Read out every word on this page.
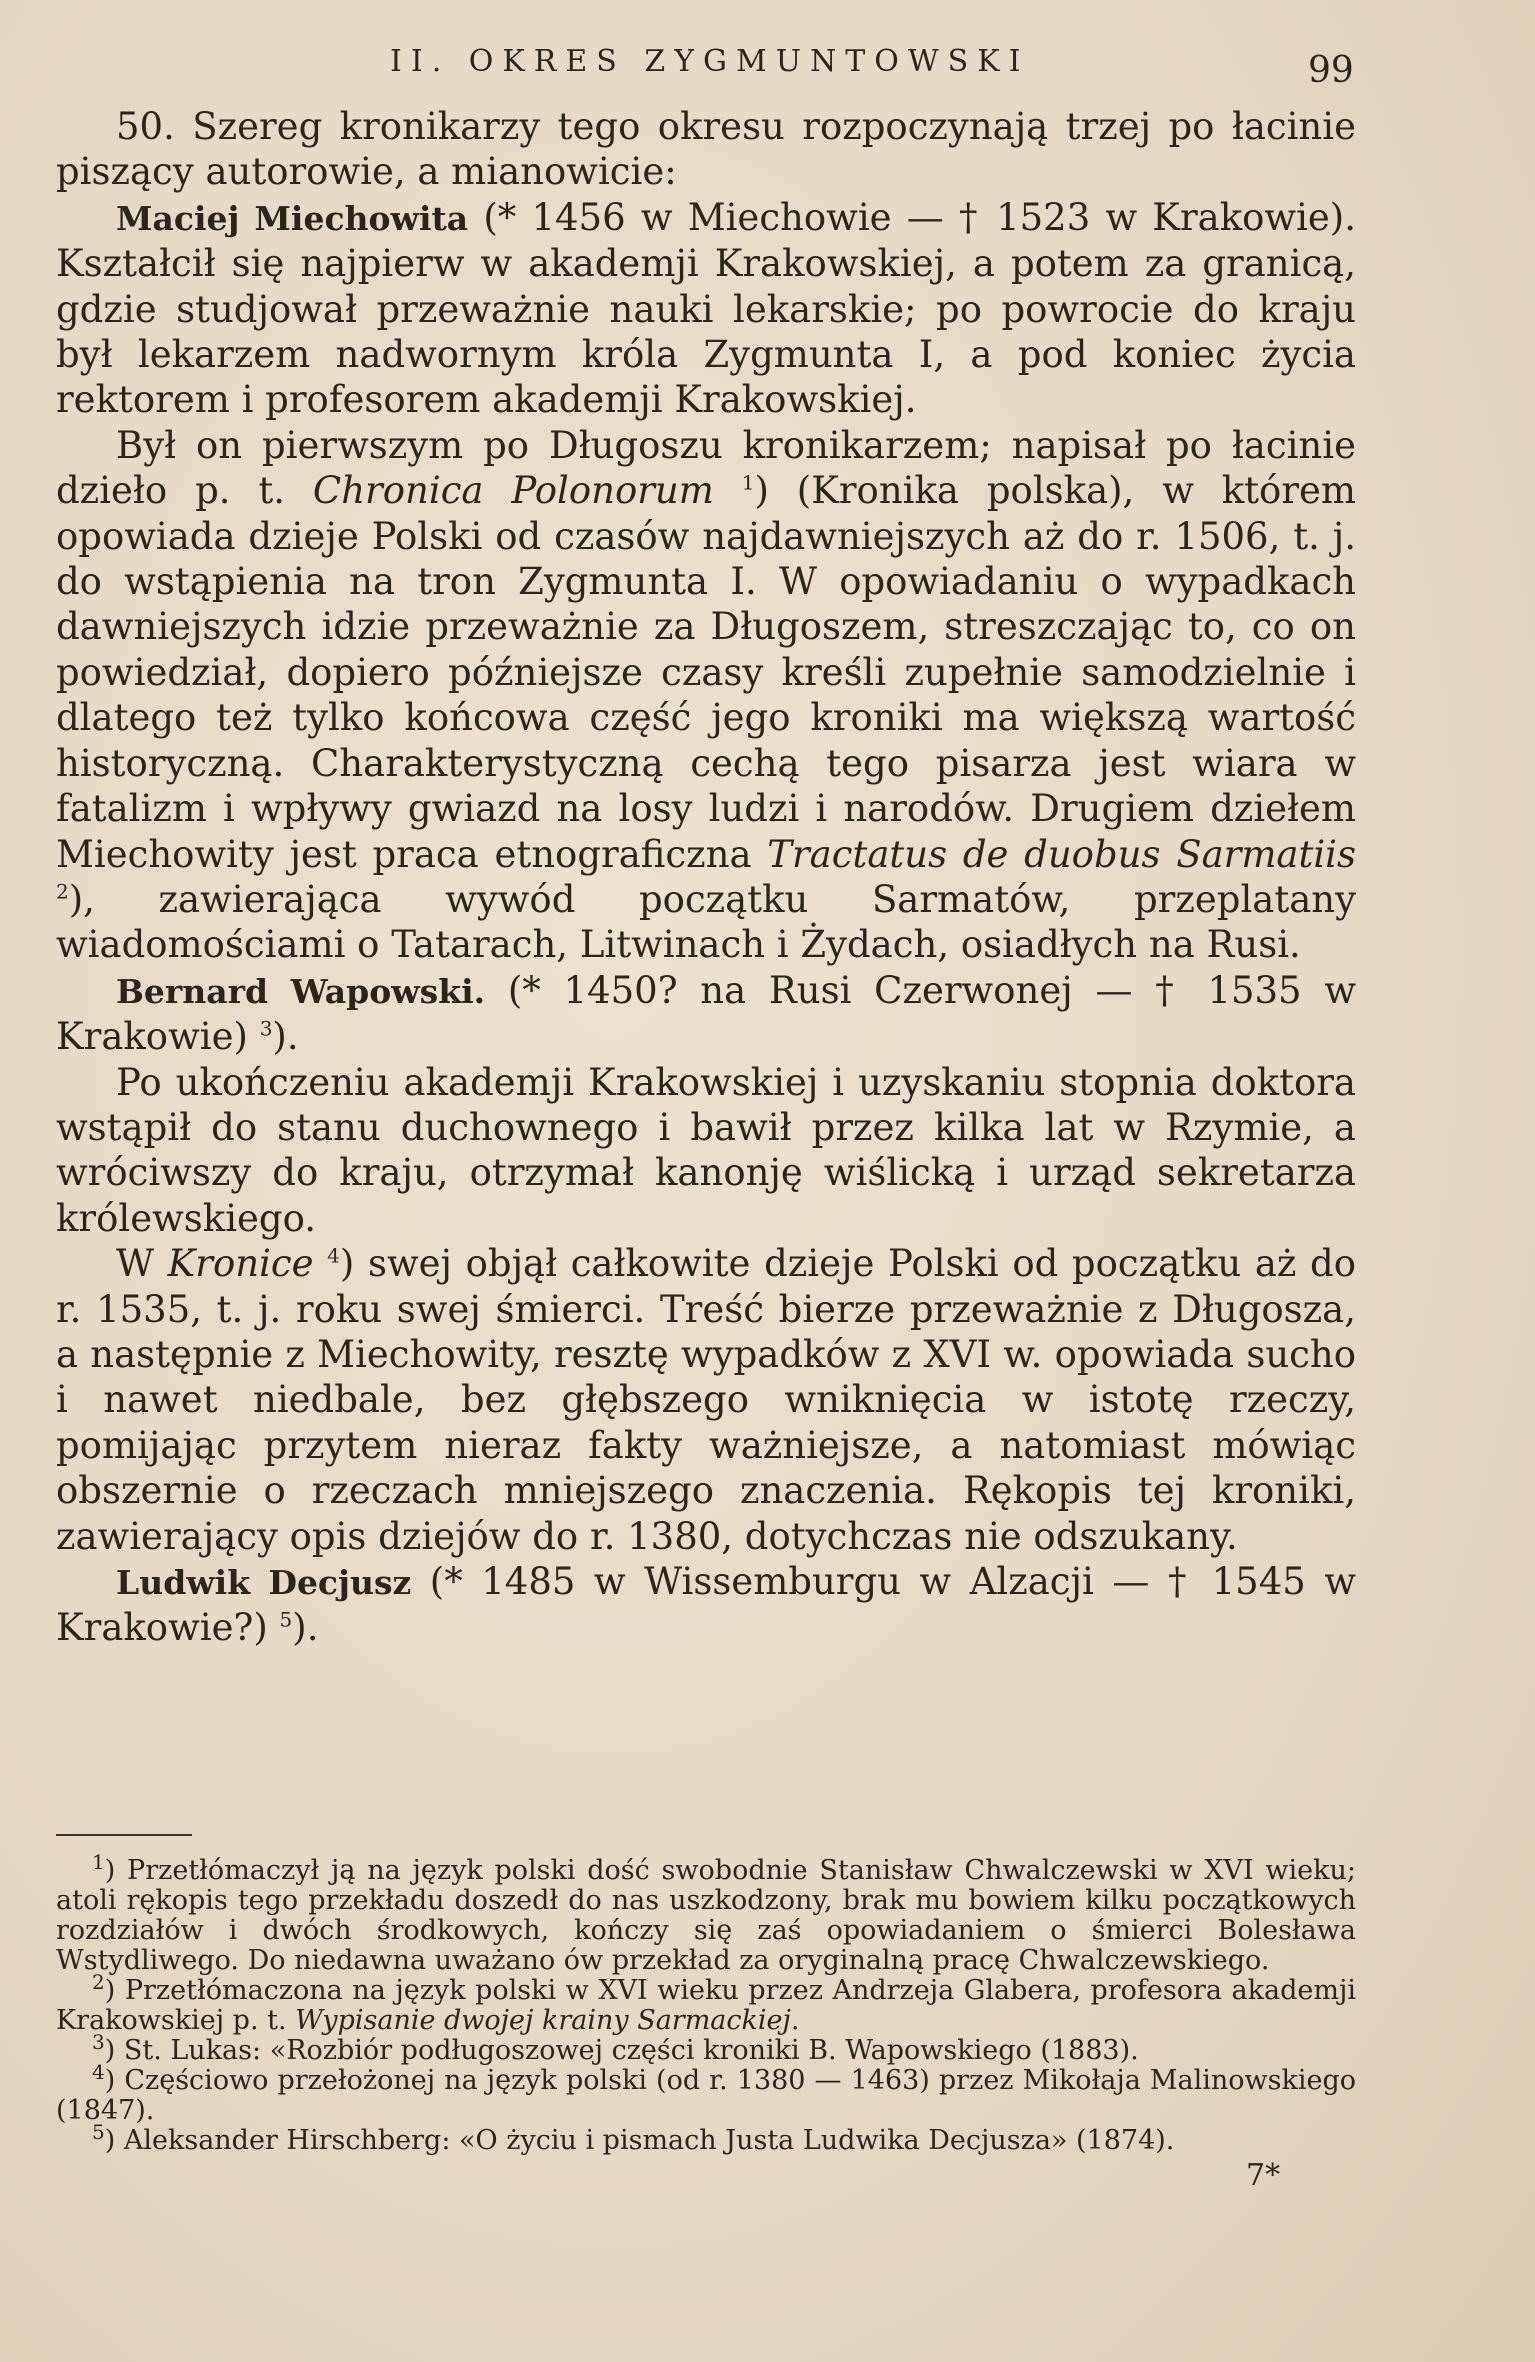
II. OKRES ZYGMUNTOWSKI	99

50. Szereg kronikarzy tego okresu rozpoczynają trzej po łacinie piszący autorowie, a mianowicie:

Maciej Miechowita (* 1456 w Miechowie — † 1523 w Krakowie). Kształcił się najpierw w akademji Krakowskiej, a potem za granicą, gdzie studjował przeważnie nauki lekarskie; po powrocie do kraju był lekarzem nadwornym króla Zygmunta I, a pod koniec życia rektorem i profesorem akademji Krakowskiej.

Był on pierwszym po Długoszu kronikarzem; napisał po łacinie dzieło p. t. Chronica Polonorum $^1$) (Kronika polska), w którem opowiada dzieje Polski od czasów najdawniejszych aż do r. 1506, t. j. do wstąpienia na tron Zygmunta I. W opowiadaniu o wypadkach dawniejszych idzie przeważnie za Długoszem, streszczając to, co on powiedział, dopiero późniejsze czasy kreśli zupełnie samodzielnie i dlatego też tylko końcowa część jego kroniki ma większą wartość historyczną. Charakterystyczną cechą tego pisarza jest wiara w fatalizm i wpływy gwiazd na losy ludzi i narodów. Drugiem dziełem Miechowity jest praca etnograficzna Tractatus de duobus Sarmatiis $^2$), zawierająca wywód początku Sarmatów, przeplatany wiadomościami o Tatarach, Litwinach i Żydach, osiadłych na Rusi.

Bernard Wapowski. (* 1450? na Rusi Czerwonej — † 1535 w Krakowie) $^3$).

Po ukończeniu akademji Krakowskiej i uzyskaniu stopnia doktora wstąpił do stanu duchownego i bawił przez kilka lat w Rzymie, a wróciwszy do kraju, otrzymał kanonję wiślicką i urząd sekretarza królewskiego.

W Kronice $^4$) swej objął całkowite dzieje Polski od początku aż do r. 1535, t. j. roku swej śmierci. Treść bierze przeważnie z Długosza, a następnie z Miechowity, resztę wypadków z XVI w. opowiada sucho i nawet niedbale, bez głębszego wniknięcia w istotę rzeczy, pomijając przytem nieraz fakty ważniejsze, a natomiast mówiąc obszernie o rzeczach mniejszego znaczenia. Rękopis tej kroniki, zawierający opis dziejów do r. 1380, dotychczas nie odszukany.

Ludwik Decjusz (* 1485 w Wissemburgu w Alzacji — † 1545 w Krakowie?) $^5$).

$^1$) Przetłómaczył ją na język polski dość swobodnie Stanisław Chwalczewski w XVI wieku; atoli rękopis tego przekładu doszedł do nas uszkodzony, brak mu bowiem kilku początkowych rozdziałów i dwóch środkowych, kończy się zaś opowiadaniem o śmierci Bolesława Wstydliwego. Do niedawna uważano ów przekład za oryginalną pracę Chwalczewskiego.

$^2$) Przetłómaczona na język polski w XVI wieku przez Andrzeja Glabera, profesora akademji Krakowskiej p. t. Wypisanie dwojej krainy Sarmackiej.

$^3$) St. Lukas: «Rozbiór podługoszowej części kroniki B. Wapowskiego (1883).

$^4$) Częściowo przełożonej na język polski (od r. 1380 — 1463) przez Mikołaja Malinowskiego (1847).

$^5$) Aleksander Hirschberg: «O życiu i pismach Justa Ludwika Decjusza» (1874).

7*
